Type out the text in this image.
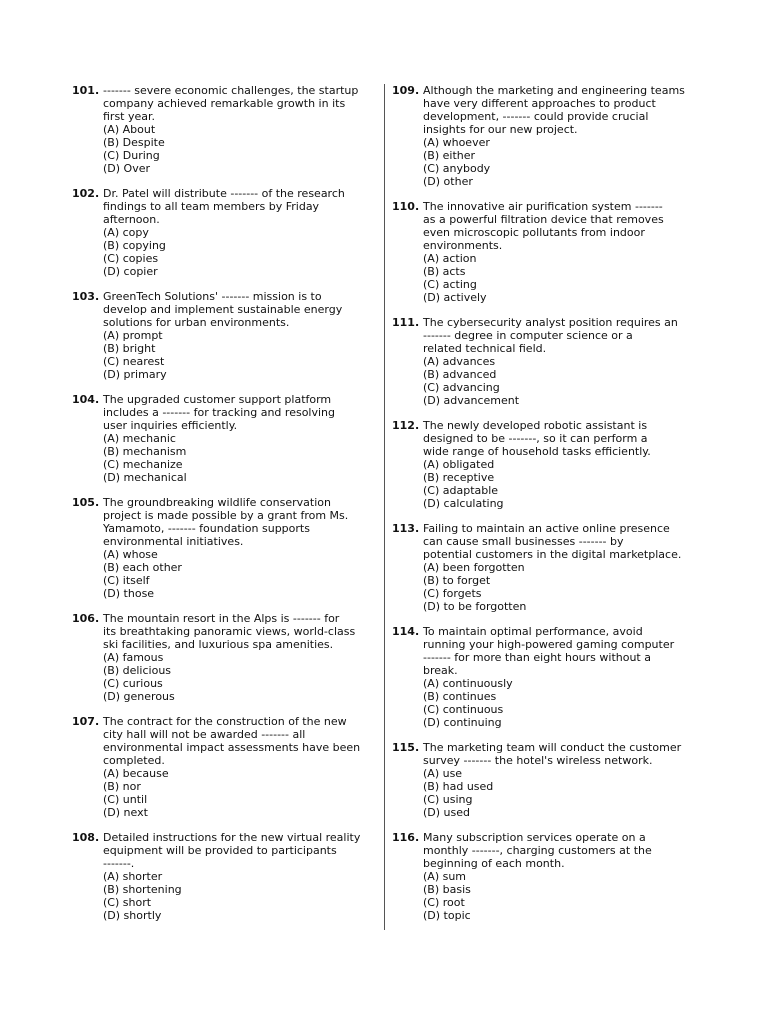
101. ------- severe economic challenges, the startup
company achieved remarkable growth in its
first year.
(A) About
(B) Despite
(C) During
(D) Over
102. Dr. Patel will distribute ------- of the research
findings to all team members by Friday
afternoon.
(A) copy
(B) copying
(C) copies
(D) copier
103. GreenTech Solutions' ------- mission is to
develop and implement sustainable energy
solutions for urban environments.
(A) prompt
(B) bright
(C) nearest
(D) primary
104. The upgraded customer support platform
includes a ------- for tracking and resolving
user inquiries efficiently.
(A) mechanic
(B) mechanism
(C) mechanize
(D) mechanical
105. The groundbreaking wildlife conservation
project is made possible by a grant from Ms.
Yamamoto, ------- foundation supports
environmental initiatives.
(A) whose
(B) each other
(C) itself
(D) those
106. The mountain resort in the Alps is ------- for
its breathtaking panoramic views, world-class
ski facilities, and luxurious spa amenities.
(A) famous
(B) delicious
(C) curious
(D) generous
107. The contract for the construction of the new
city hall will not be awarded ------- all
environmental impact assessments have been
completed.
(A) because
(B) nor
(C) until
(D) next
108. Detailed instructions for the new virtual reality
equipment will be provided to participants
-------.
(A) shorter
(B) shortening
(C) short
(D) shortly
109. Although the marketing and engineering teams
have very different approaches to product
development, ------- could provide crucial
insights for our new project.
(A) whoever
(B) either
(C) anybody
(D) other
110. The innovative air purification system -------
as a powerful filtration device that removes
even microscopic pollutants from indoor
environments.
(A) action
(B) acts
(C) acting
(D) actively
111. The cybersecurity analyst position requires an
------- degree in computer science or a
related technical field.
(A) advances
(B) advanced
(C) advancing
(D) advancement
112. The newly developed robotic assistant is
designed to be -------, so it can perform a
wide range of household tasks efficiently.
(A) obligated
(B) receptive
(C) adaptable
(D) calculating
113. Failing to maintain an active online presence
can cause small businesses ------- by
potential customers in the digital marketplace.
(A) been forgotten
(B) to forget
(C) forgets
(D) to be forgotten
114. To maintain optimal performance, avoid
running your high-powered gaming computer
------- for more than eight hours without a
break.
(A) continuously
(B) continues
(C) continuous
(D) continuing
115. The marketing team will conduct the customer
survey ------- the hotel's wireless network.
(A) use
(B) had used
(C) using
(D) used
116. Many subscription services operate on a
monthly -------, charging customers at the
beginning of each month.
(A) sum
(B) basis
(C) root
(D) topic
